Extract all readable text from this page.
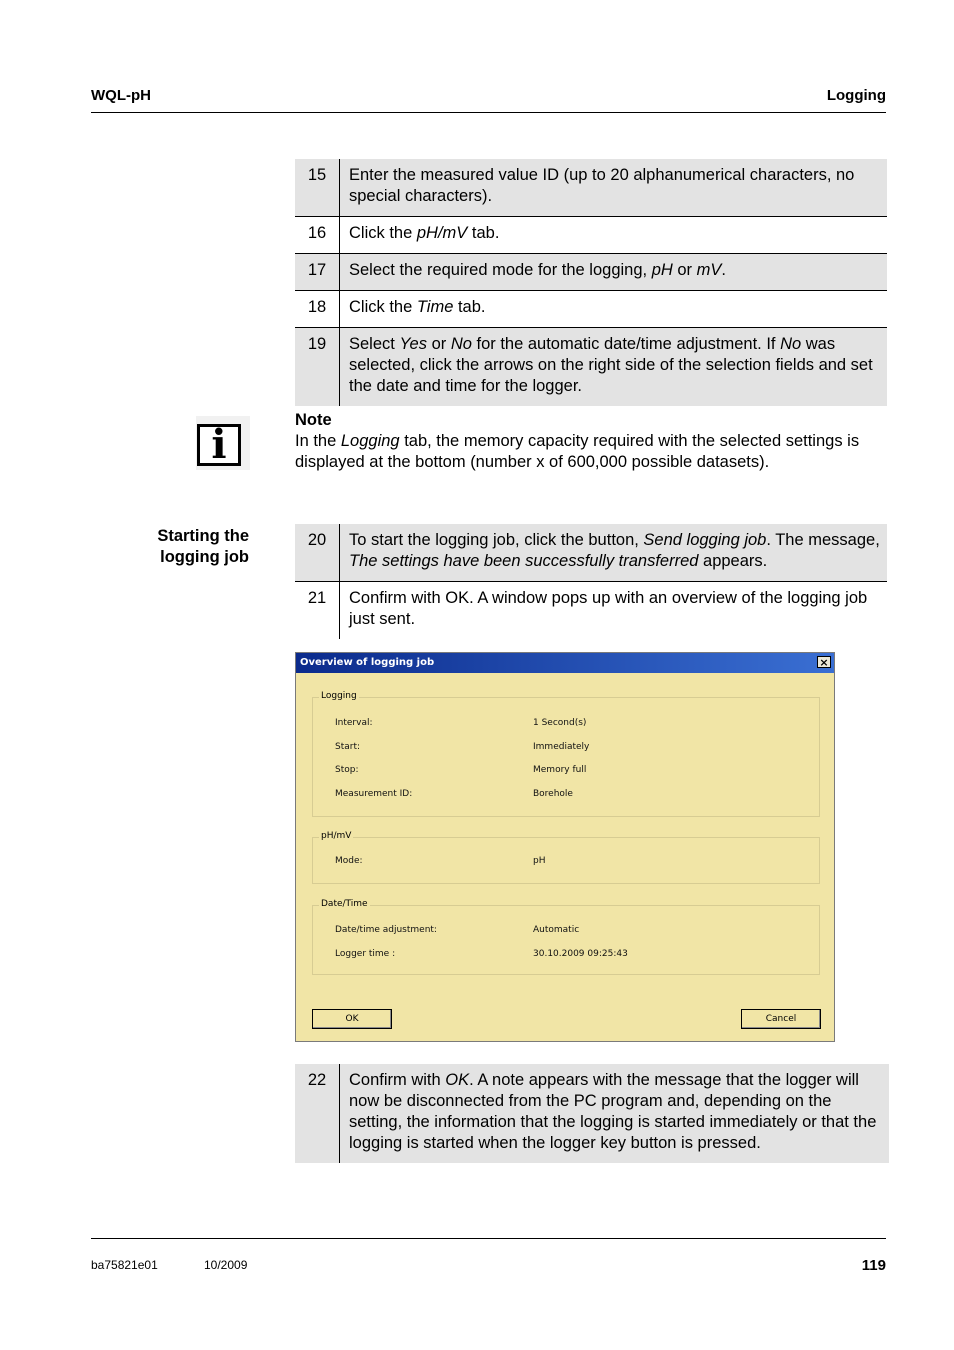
WQL-pH	Logging
15	Enter the measured value ID (up to 20 alphanumerical characters, no special characters).
16	Click the pH/mV tab.
17	Select the required mode for the logging, pH or mV.
18	Click the Time tab.
19	Select Yes or No for the automatic date/time adjustment. If No was selected, click the arrows on the right side of the selection fields and set the date and time for the logger.
i
Note
In the Logging tab, the memory capacity required with the selected settings is displayed at the bottom (number x of 600,000 possible datasets).
Starting the
logging job
20	To start the logging job, click the button, Send logging job. The message, The settings have been successfully transferred appears.
21	Confirm with OK. A window pops up with an overview of the logging job just sent.
Overview of logging job	×
Logging
Interval:	1 Second(s)
Start:	Immediately
Stop:	Memory full
Measurement ID:	Borehole
pH/mV
Mode:	pH
Date/Time
Date/time adjustment:	Automatic
Logger time :	30.10.2009 09:25:43
OK	Cancel
22	Confirm with OK. A note appears with the message that the logger will now be disconnected from the PC program and, depending on the setting, the information that the logging is started immediately or that the logging is started when the logger key button is pressed.
ba75821e01	10/2009	119
